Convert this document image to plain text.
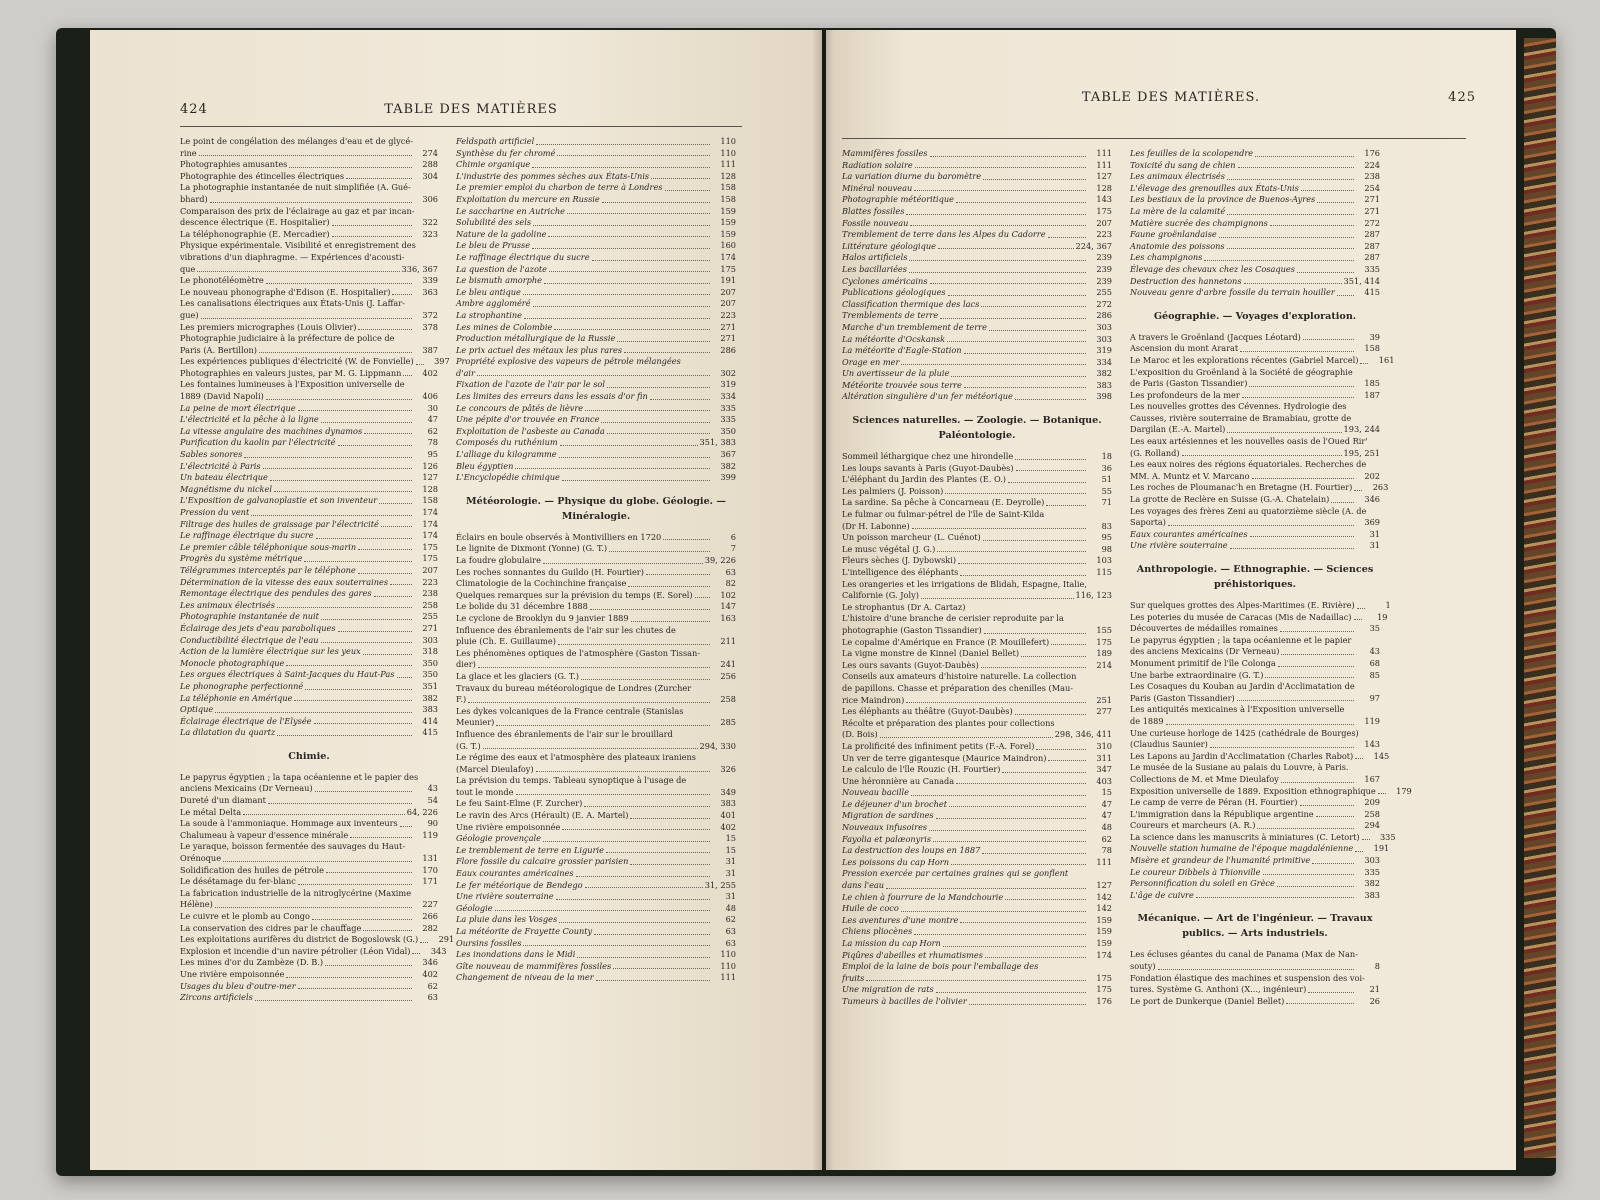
424	TABLE DES MATIÈRES
Le point de congélation des mélanges d'eau et de glycé-
rine	274
Photographies amusantes	288
Photographie des étincelles électriques	304
La photographie instantanée de nuit simplifiée (A. Gué-
bhard)	306
Comparaison des prix de l'éclairage au gaz et par incan-
descence électrique (E. Hospitalier)	322
La téléphonographie (E. Mercadier)	323
Physique expérimentale. Visibilité et enregistrement des
vibrations d'un diaphragme. — Expériences d'acousti-
que	336, 367
Le phonotéléomètre	339
Le nouveau phonographe d'Edison (E. Hospitalier)	363
Les canalisations électriques aux États-Unis (J. Laffar-
gue)	372
Les premiers micrographes (Louis Olivier)	378
Photographie judiciaire à la préfecture de police de
Paris (A. Bertillon)	387
Les expériences publiques d'électricité (W. de Fonvielle)	397
Photographies en valeurs justes, par M. G. Lippmann	402
Les fontaines lumineuses à l'Exposition universelle de
1889 (David Napoli)	406
La peine de mort électrique	30
L'électricité et la pêche à la ligne	47
La vitesse angulaire des machines dynamos	62
Purification du kaolin par l'électricité	78
Sables sonores	95
L'électricité à Paris	126
Un bateau électrique	127
Magnétisme du nickel	128
L'Exposition de galvanoplastie et son inventeur	158
Pression du vent	174
Filtrage des huiles de graissage par l'électricité	174
Le raffinage électrique du sucre	174
Le premier câble téléphonique sous-marin	175
Progrès du système métrique	175
Télégrammes interceptés par le téléphone	207
Détermination de la vitesse des eaux souterraines	223
Remontage électrique des pendules des gares	238
Les animaux électrisés	258
Photographie instantanée de nuit	255
Éclairage des jets d'eau paraboliques	271
Conductibilité électrique de l'eau	303
Action de la lumière électrique sur les yeux	318
Monocle photographique	350
Les orgues électriques à Saint-Jacques du Haut-Pas	350
Le phonographe perfectionné	351
La téléphonie en Amérique	382
Optique	383
Éclairage électrique de l'Elysée	414
La dilatation du quartz	415
Chimie.
Le papyrus égyptien ; la tapa océanienne et le papier des
anciens Mexicains (Dr Verneau)	43
Dureté d'un diamant	54
Le métal Delta	64, 226
La soude à l'ammoniaque. Hommage aux inventeurs	90
Chalumeau à vapeur d'essence minérale	119
Le yaraque, boisson fermentée des sauvages du Haut-
Orénoque	131
Solidification des huiles de pétrole	170
Le désétamage du fer-blanc	171
La fabrication industrielle de la nitroglycérine (Maxime
Hélène)	227
Le cuivre et le plomb au Congo	266
La conservation des cidres par le chauffage	282
Les exploitations aurifères du district de Bogoslowsk (G.)	291
Explosion et incendie d'un navire pétrolier (Léon Vidal)	343
Les mines d'or du Zambèze (D. B.)	346
Une rivière empoisonnée	402
Usages du bleu d'outre-mer	62
Zircons artificiels	63
Feldspath artificiel	110
Synthèse du fer chromé	110
Chimie organique	111
L'industrie des pommes sèches aux États-Unis	128
Le premier emploi du charbon de terre à Londres	158
Exploitation du mercure en Russie	158
Le saccharine en Autriche	159
Solubilité des sels	159
Nature de la gadoline	159
Le bleu de Prusse	160
Le raffinage électrique du sucre	174
La question de l'azote	175
Le bismuth amorphe	191
Le bleu antique	207
Ambre aggloméré	207
La strophantine	223
Les mines de Colombie	271
Production métallurgique de la Russie	271
Le prix actuel des métaux les plus rares	286
Propriété explosive des vapeurs de pétrole mélangées
d'air	302
Fixation de l'azote de l'air par le sol	319
Les limites des erreurs dans les essais d'or fin	334
Le concours de pâtés de lièvre	335
Une pépite d'or trouvée en France	335
Exploitation de l'asbeste au Canada	350
Composés du ruthénium	351, 383
L'alliage du kilogramme	367
Bleu égyptien	382
L'Encyclopédie chimique	399
Météorologie. — Physique du globe. Géologie. — Minéralogie.
Éclairs en boule observés à Montivilliers en 1720	6
Le lignite de Dixmont (Yonne) (G. T.)	7
La foudre globulaire	39, 226
Les roches sonnantes du Guildo (H. Fourtier)	63
Climatologie de la Cochinchine française	82
Quelques remarques sur la prévision du temps (E. Sorel)	102
Le bolide du 31 décembre 1888	147
Le cyclone de Brooklyn du 9 janvier 1889	163
Influence des ébranlements de l'air sur les chutes de
pluie (Ch. E. Guillaume)	211
Les phénomènes optiques de l'atmosphère (Gaston Tissan-
dier)	241
La glace et les glaciers (G. T.)	256
Travaux du bureau météorologique de Londres (Zurcher
F.)	258
Les dykes volcaniques de la France centrale (Stanislas
Meunier)	285
Influence des ébranlements de l'air sur le brouillard
(G. T.)	294, 330
Le régime des eaux et l'atmosphère des plateaux iraniens
(Marcel Dieulafoy)	326
La prévision du temps. Tableau synoptique à l'usage de
tout le monde	349
Le feu Saint-Elme (F. Zurcher)	383
Le ravin des Arcs (Hérault) (E. A. Martel)	401
Une rivière empoisonnée	402
Géologie provençale	15
Le tremblement de terre en Ligurie	15
Flore fossile du calcaire grossier parisien	31
Eaux courantes américaines	31
Le fer météorique de Bendego	31, 255
Une rivière souterraine	31
Géologie	48
La pluie dans les Vosges	62
La météorite de Frayette County	63
Oursins fossiles	63
Les inondations dans le Midi	110
Gîte nouveau de mammifères fossiles	110
Changement de niveau de la mer	111
TABLE DES MATIÈRES.	425
Mammifères fossiles	111
Radiation solaire	111
La variation diurne du baromètre	127
Minéral nouveau	128
Photographie météoritique	143
Blattes fossiles	175
Fossile nouveau	207
Tremblement de terre dans les Alpes du Cadorre	223
Littérature géologique	224, 367
Halos artificiels	239
Les bacillariées	239
Cyclones américains	239
Publications géologiques	255
Classification thermique des lacs	272
Tremblements de terre	286
Marche d'un tremblement de terre	303
La météorite d'Ocskansk	303
La météorite d'Eagle-Station	319
Orage en mer	334
Un avertisseur de la pluie	382
Météorite trouvée sous terre	383
Altération singulière d'un fer météorique	398
Sciences naturelles. — Zoologie. — Botanique. Paléontologie.
Sommeil léthargique chez une hirondelle	18
Les loups savants à Paris (Guyot-Daubès)	36
L'éléphant du Jardin des Plantes (E. O.)	51
Les palmiers (J. Poisson)	55
La sardine. Sa pêche à Concarneau (E. Deyrolle)	71
Le fulmar ou fulmar-pétrel de l'île de Saint-Kilda
(Dr H. Labonne)	83
Un poisson marcheur (L. Cuénot)	95
Le musc végétal (J. G.)	98
Fleurs sèches (J. Dybowski)	103
L'intelligence des éléphants	115
Les orangeries et les irrigations de Blidah, Espagne, Italie,
Californie (G. Joly)	116, 123
Le strophantus (Dr A. Cartaz)
L'histoire d'une branche de cerisier reproduite par la
photographie (Gaston Tissandier)	155
Le copalme d'Amérique en France (P. Mouillefert)	175
La vigne monstre de Kinnel (Daniel Bellet)	189
Les ours savants (Guyot-Daubès)	214
Conseils aux amateurs d'histoire naturelle. La collection
de papillons. Chasse et préparation des chenilles (Mau-
rice Maindron)	251
Les éléphants au théâtre (Guyot-Daubès)	277
Récolte et préparation des plantes pour collections
(D. Bois)	298, 346, 411
La prolificité des infiniment petits (F.-A. Forel)	310
Un ver de terre gigantesque (Maurice Maindron)	311
Le calculo de l'île Rouzic (H. Fourtier)	347
Une héronnière au Canada	403
Nouveau bacille	15
Le déjeuner d'un brochet	47
Migration de sardines	47
Nouveaux infusoires	48
Fayolia et palæonyris	62
La destruction des loups en 1887	78
Les poissons du cap Horn	111
Pression exercée par certaines graines qui se gonflent
dans l'eau	127
Le chien à fourrure de la Mandchourie	142
Huile de coco	142
Les aventures d'une montre	159
Chiens pliocènes	159
La mission du cap Horn	159
Piqûres d'abeilles et rhumatismes	174
Emploi de la laine de bois pour l'emballage des
fruits	175
Une migration de rats	175
Tumeurs à bacilles de l'olivier	176
Les feuilles de la scolopendre	176
Toxicité du sang de chien	224
Les animaux électrisés	238
L'élevage des grenouilles aux États-Unis	254
Les bestiaux de la province de Buenos-Ayres	271
La mère de la calamité	271
Matière sucrée des champignons	272
Faune groënlandaise	287
Anatomie des poissons	287
Les champignons	287
Élevage des chevaux chez les Cosaques	335
Destruction des hannetons	351, 414
Nouveau genre d'arbre fossile du terrain houiller	415
Géographie. — Voyages d'exploration.
A travers le Groënland (Jacques Léotard)	39
Ascension du mont Ararat	158
Le Maroc et les explorations récentes (Gabriel Marcel)	161
L'exposition du Groënland à la Société de géographie
de Paris (Gaston Tissandier)	185
Les profondeurs de la mer	187
Les nouvelles grottes des Cévennes. Hydrologie des
Causses, rivière souterraine de Bramabiau, grotte de
Dargilan (E.-A. Martel)	193, 244
Les eaux artésiennes et les nouvelles oasis de l'Oued Rir'
(G. Rolland)	195, 251
Les eaux noires des régions équatoriales. Recherches de
MM. A. Muntz et V. Marcano	202
Les roches de Ploumanac'h en Bretagne (H. Fourtier)	263
La grotte de Reclère en Suisse (G.-A. Chatelain)	346
Les voyages des frères Zeni au quatorzième siècle (A. de
Saporta)	369
Eaux courantes américaines	31
Une rivière souterraine	31
Anthropologie. — Ethnographie. — Sciences préhistoriques.
Sur quelques grottes des Alpes-Maritimes (E. Rivière)	1
Les poteries du musée de Caracas (Mis de Nadaillac)	19
Découvertes de médailles romaines	35
Le papyrus égyptien ; la tapa océanienne et le papier
des anciens Mexicains (Dr Verneau)	43
Monument primitif de l'île Colonga	68
Une barbe extraordinaire (G. T.)	85
Les Cosaques du Kouban au Jardin d'Acclimatation de
Paris (Gaston Tissandier)	97
Les antiquités mexicaines à l'Exposition universelle
de 1889	119
Une curieuse horloge de 1425 (cathédrale de Bourges)
(Claudius Saunier)	143
Les Lapons au Jardin d'Acclimatation (Charles Rabot)	145
Le musée de la Susiane au palais du Louvre, à Paris.
Collections de M. et Mme Dieulafoy	167
Exposition universelle de 1889. Exposition ethnographique	179
Le camp de verre de Péran (H. Fourtier)	209
L'immigration dans la République argentine	258
Coureurs et marcheurs (A. R.)	294
La science dans les manuscrits à miniatures (C. Letort)	335
Nouvelle station humaine de l'époque magdalénienne	191
Misère et grandeur de l'humanité primitive	303
Le coureur Dibbels à Thionville	335
Personnification du soleil en Grèce	382
L'âge de cuivre	383
Mécanique. — Art de l'ingénieur. — Travaux publics. — Arts industriels.
Les écluses géantes du canal de Panama (Max de Nan-
souty)	8
Fondation élastique des machines et suspension des voi-
tures. Système G. Anthoni (X..., ingénieur)	21
Le port de Dunkerque (Daniel Bellet)	26
